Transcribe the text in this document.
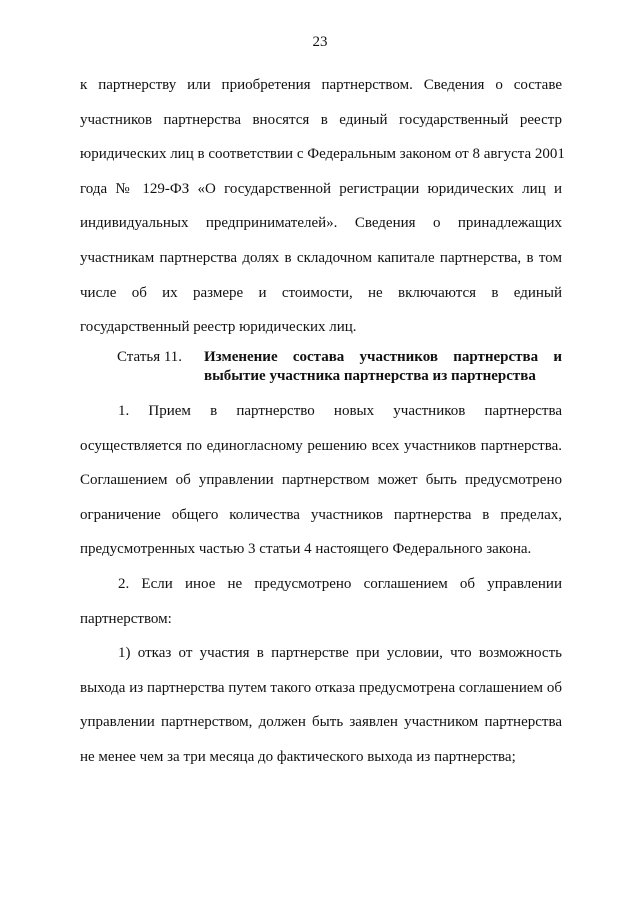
23
к партнерству или приобретения партнерством. Сведения о составе
участников партнерства вносятся в единый государственный реестр
юридических лиц в соответствии с Федеральным законом от 8 августа 2001
года № 129-ФЗ «О государственной регистрации юридических лиц и
индивидуальных предпринимателей». Сведения о принадлежащих
участникам партнерства долях в складочном капитале партнерства, в том
числе об их размере и стоимости, не включаются в единый
государственный реестр юридических лиц.
Статья 11. Изменение состава участников партнерства и
выбытие участника партнерства из партнерства
1. Прием в партнерство новых участников партнерства
осуществляется по единогласному решению всех участников партнерства.
Соглашением об управлении партнерством может быть предусмотрено
ограничение общего количества участников партнерства в пределах,
предусмотренных частью 3 статьи 4 настоящего Федерального закона.
2. Если иное не предусмотрено соглашением об управлении
партнерством:
1) отказ от участия в партнерстве при условии, что возможность
выхода из партнерства путем такого отказа предусмотрена соглашением об
управлении партнерством, должен быть заявлен участником партнерства
не менее чем за три месяца до фактического выхода из партнерства;
